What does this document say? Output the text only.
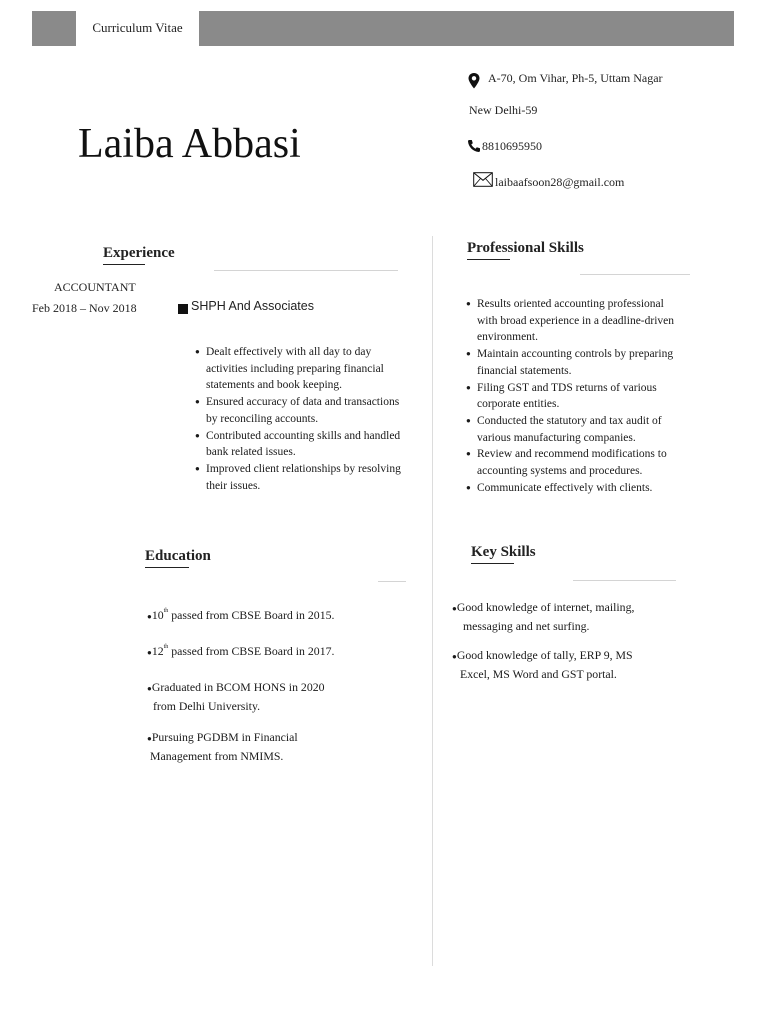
Curriculum Vitae
Laiba Abbasi
A-70, Om Vihar, Ph-5, Uttam Nagar
New Delhi-59
8810695950
laibaafsoon28@gmail.com
Experience
ACCOUNTANT
Feb 2018 – Nov 2018	SHPH And Associates
● Dealt effectively with all day to day
activities including preparing financial
statements and book keeping.
● Ensured accuracy of data and transactions
by reconciling accounts.
● Contributed accounting skills and handled
bank related issues.
● Improved client relationships by resolving
their issues.
Professional Skills
● Results oriented accounting professional
with broad experience in a deadline-driven
environment.
● Maintain accounting controls by preparing
financial statements.
● Filing GST and TDS returns of various
corporate entities.
● Conducted the statutory and tax audit of
various manufacturing companies.
● Review and recommend modifications to
accounting systems and procedures.
● Communicate effectively with clients.
Education
●10th passed from CBSE Board in 2015.
●12th passed from CBSE Board in 2017.
●Graduated in BCOM HONS in 2020
from Delhi University.
●Pursuing PGDBM in Financial
Management from NMIMS.
Key Skills
●Good knowledge of internet, mailing,
messaging and net surfing.
●Good knowledge of tally, ERP 9, MS
Excel, MS Word and GST portal.
